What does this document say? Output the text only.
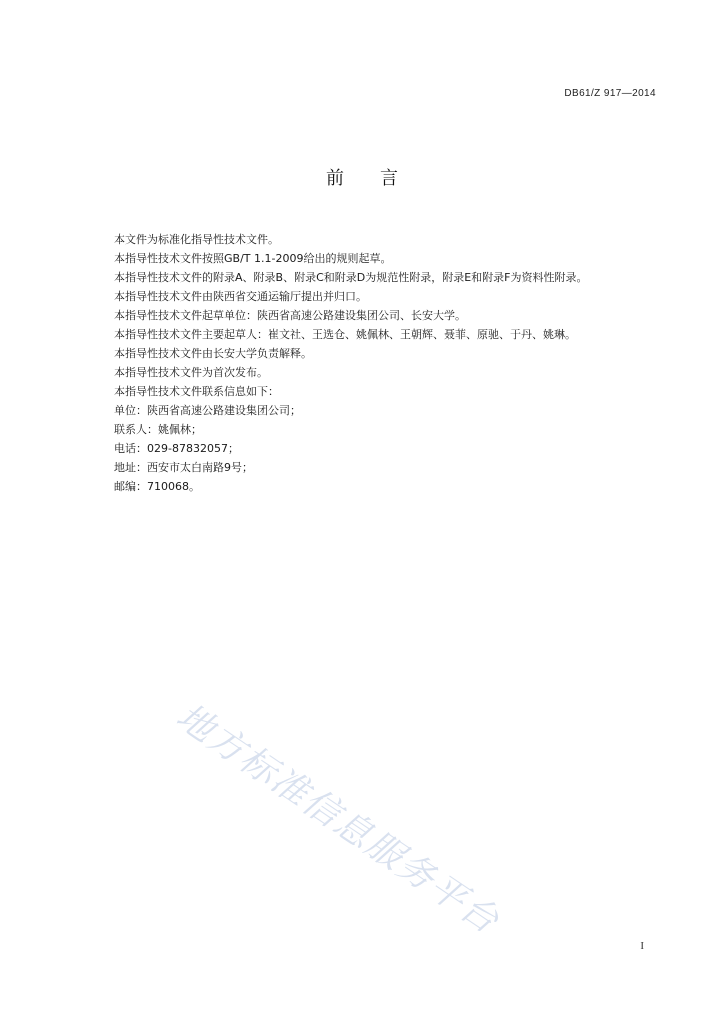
DB61/Z 917—2014
前言
本文件为标准化指导性技术文件。
本指导性技术文件按照GB/T 1.1-2009给出的规则起草。
本指导性技术文件的附录A、附录B、附录C和附录D为规范性附录，附录E和附录F为资料性附录。
本指导性技术文件由陕西省交通运输厅提出并归口。
本指导性技术文件起草单位：陕西省高速公路建设集团公司、长安大学。
本指导性技术文件主要起草人：崔文社、王选仓、姚佩林、王朝辉、聂菲、原驰、于丹、姚琳。
本指导性技术文件由长安大学负责解释。
本指导性技术文件为首次发布。
本指导性技术文件联系信息如下：
单位：陕西省高速公路建设集团公司；
联系人：姚佩林；
电话：029-87832057；
地址：西安市太白南路9号；
邮编：710068。
地方标准信息服务平台
I
